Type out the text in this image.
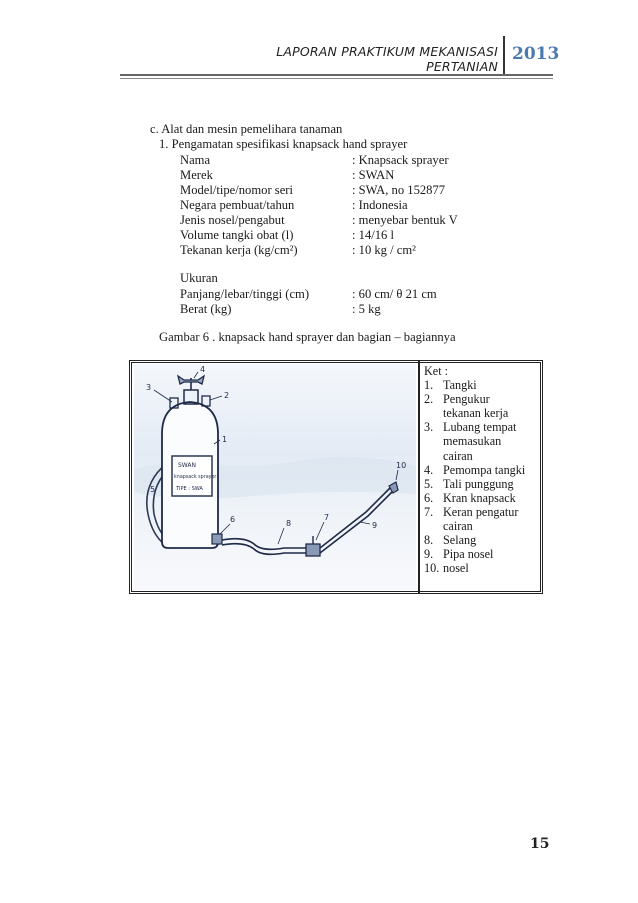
LAPORAN PRAKTIKUM MEKANISASI PERTANIAN
2013
c. Alat dan mesin pemelihara tanaman
1. Pengamatan spesifikasi knapsack hand sprayer
Nama	: Knapsack sprayer
Merek	: SWAN
Model/tipe/nomor seri	: SWA, no 152877
Negara pembuat/tahun	: Indonesia
Jenis nosel/pengabut	: menyebar bentuk V
Volume tangki obat (l)	: 14/16 l
Tekanan kerja (kg/cm²)	: 10 kg / cm²
Ukuran
Panjang/lebar/tinggi (cm)	: 60 cm/ θ 21 cm
Berat (kg)	: 5 kg
Gambar 6 . knapsack hand sprayer dan bagian – bagiannya
SWAN
knapsack sprayer
TIPE : SWA
4
3
2
1
5
6	8
7
9
10
Ket :
1. Tangki
2. Pengukur
tekanan kerja
3. Lubang tempat
memasukan
cairan
4. Pemompa tangki
5. Tali punggung
6. Kran knapsack
7. Keran pengatur
cairan
8. Selang
9. Pipa nosel
10. nosel
15
